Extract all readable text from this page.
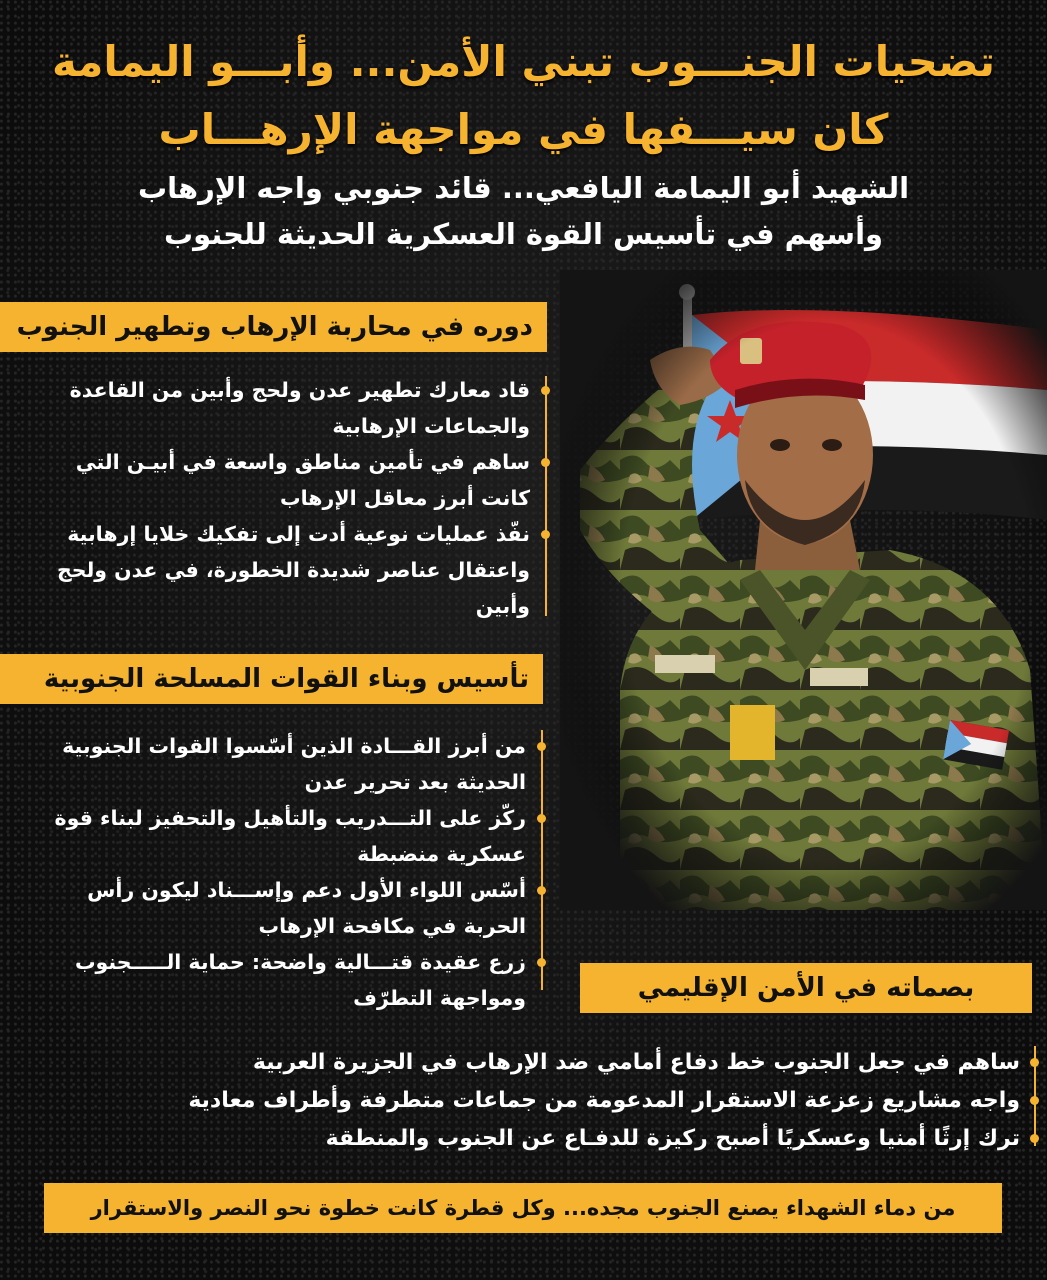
تضحيات الجنـــوب تبني الأمن... وأبـــو اليمامة
كان سيـــفها في مواجهة الإرهـــاب
الشهيد أبو اليمامة اليافعي... قائد جنوبي واجه الإرهاب
وأسهم في تأسيس القوة العسكرية الحديثة للجنوب
دوره في محاربة الإرهاب وتطهير الجنوب
قاد معارك تطهير عدن ولحج وأبين من القاعدة والجماعات الإرهابية
ساهم في تأمين مناطق واسعة في أبيـن التي كانت أبرز معاقل الإرهاب
نفّذ عمليات نوعية أدت إلى تفكيك خلايا إرهابية واعتقال عناصر شديدة الخطورة، في عدن ولحج وأبين
تأسيس وبناء القوات المسلحة الجنوبية
من أبرز القـــادة الذين أسّسوا القوات الجنوبية الحديثة بعد تحرير عدن
ركّز على التـــدريب والتأهيل والتحفيز لبناء قوة عسكرية منضبطة
أسّس اللواء الأول دعم وإســـناد ليكون رأس الحربة في مكافحة الإرهاب
زرع عقيدة قتـــالية واضحة: حماية الـــــجنوب ومواجهة التطرّف	بصماته في الأمن الإقليمي
ساهم في جعل الجنوب خط دفاع أمامي ضد الإرهاب في الجزيرة العربية
واجه مشاريع زعزعة الاستقرار المدعومة من جماعات متطرفة وأطراف معادية
ترك إرثًا أمنيا وعسكريًا أصبح ركيزة للدفـاع عن الجنوب والمنطقة
من دماء الشهداء يصنع الجنوب مجده... وكل قطرة كانت خطوة نحو النصر والاستقرار
